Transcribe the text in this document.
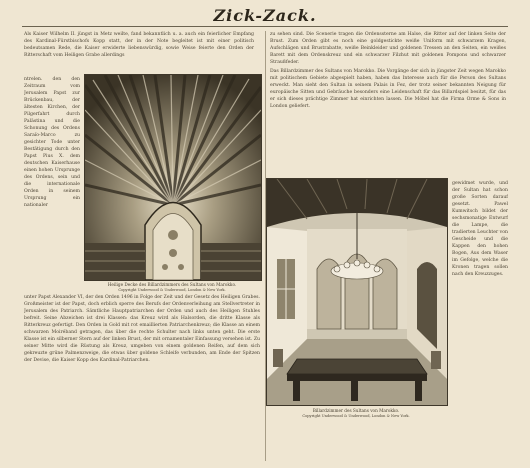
Zick-Zack.

Als Kaiser Wilhelm II. jüngst in Metz weilte, fand bekanntlich u. a. auch ein feierlicher Empfang des Kardinal-Fürstbischofs Kopp statt, der in der Note begleitet ist mit einer politisch bedeutsamen Rede, die Kaiser erwiderte liebenswürdig, sowie Weise feierte den Orden der Ritterschaft vom Heiligen Grabe allerdings

Heilige Decke des Billardzimmers des Sultans von Marokko.
Copyright Underwood & Underwood, London & New York.

ntrelen. den den Zeitraum vom Jerusalem Papst zur Brückenbau, der ältesten Kirchen, der Pilgerfahrt durch Palästina und die Schonung des Ordens Saraïo-Marco zu gesichter Tode unter Bestätigung durch den Papst Pius X. dem deutschen Kaiserhause einen hohen Ursprunge des Ordens, sein und die internationale Orden in seinem Ursprung ein nationaler

unter Papst Alexander VI, der den Orden 1496 in Folge der Zeit und der Gesetz des Heiligen Grabes. Großmeister ist der Papst, doch erblich sperre des Berufs der Ordenverleihung am Stellvertreter in Jerusalem des Patriarch. Sämtliche Hauptpatriarchen der Orden und auch des Heiligen Stuhles befreit. Seine Abzeichen ist drei Klassen: das Kreuz wird als Halsorden, die dritte Klasse als Ritterkreuz gefertigt. Den Orden in Gold mit rot emaillierten Patriarchenkreuz; die Klasse an einem schwarzen Moiréband getragen, das über die rechte Schulter nach links unten geht. Die erste Klasse ist ein silberner Stern auf der linken Brust, der mit ornamentaler Einfassung versehen ist. Zu seiner Mitte wird die Rüstung als Kreuz, umgeben von einem goldenen Reifen, auf dem sich gekreuzte grüne Palmenzweige, die etwas über goldene Schleife verbunden, am Ende der Spitzen der Devise, die Kaiser Kopp des Kardinal-Patriarchen.

zu sehen sind. Die Scenerie tragen die Ordenssterne am Halse, die Ritter auf der linken Seite der Brust. Zum Orden gibt es noch eine goldgestickte weiße Uniform mit schwarzem Kragen, Aufschlägen und Brustrabatte, weiße Beinkleider und goldenen Tressen an den Seiten, ein weißes Barett mit dem Ordenskreuz und ein schwarzer Filzhut mit goldenen Pompons und schwarzer Straußfeder.

Das Billardzimmer des Sultans von Marokko. Die Vorgänge der sich in jüngster Zeit wegen Marokko mit politischem Gebiete abgespielt haben, haben das Interesse auch für die Person des Sultans erweckt. Man sieht den Sultan in seinem Palais in Fez, der trotz seiner bekannten Neigung für europäische Sitten und Gebräuche besonders eine Leidenschaft für das Billardspiel besitzt, für das er sich dieses prächtige Zimmer hat einrichten lassen. Die Möbel hat die Firma Orme & Sons in London geliefert.

Billardzimmer des Sultans von Marokko.
Copyright Underwood & Underwood, London & New York.

gewidmet wurde, und der Sultan hat schon große Sorten darauf gesetzt. Pawel Kumwitsch bildet der sechsmonatige Entwurf die Lampe, die tradierten Leuchter von Gescheide und die Kappen den hohen Bogen, Aus dem Waser im Gefolge, welche die Kronen tragen sollen nach den Kreuzzuges.
